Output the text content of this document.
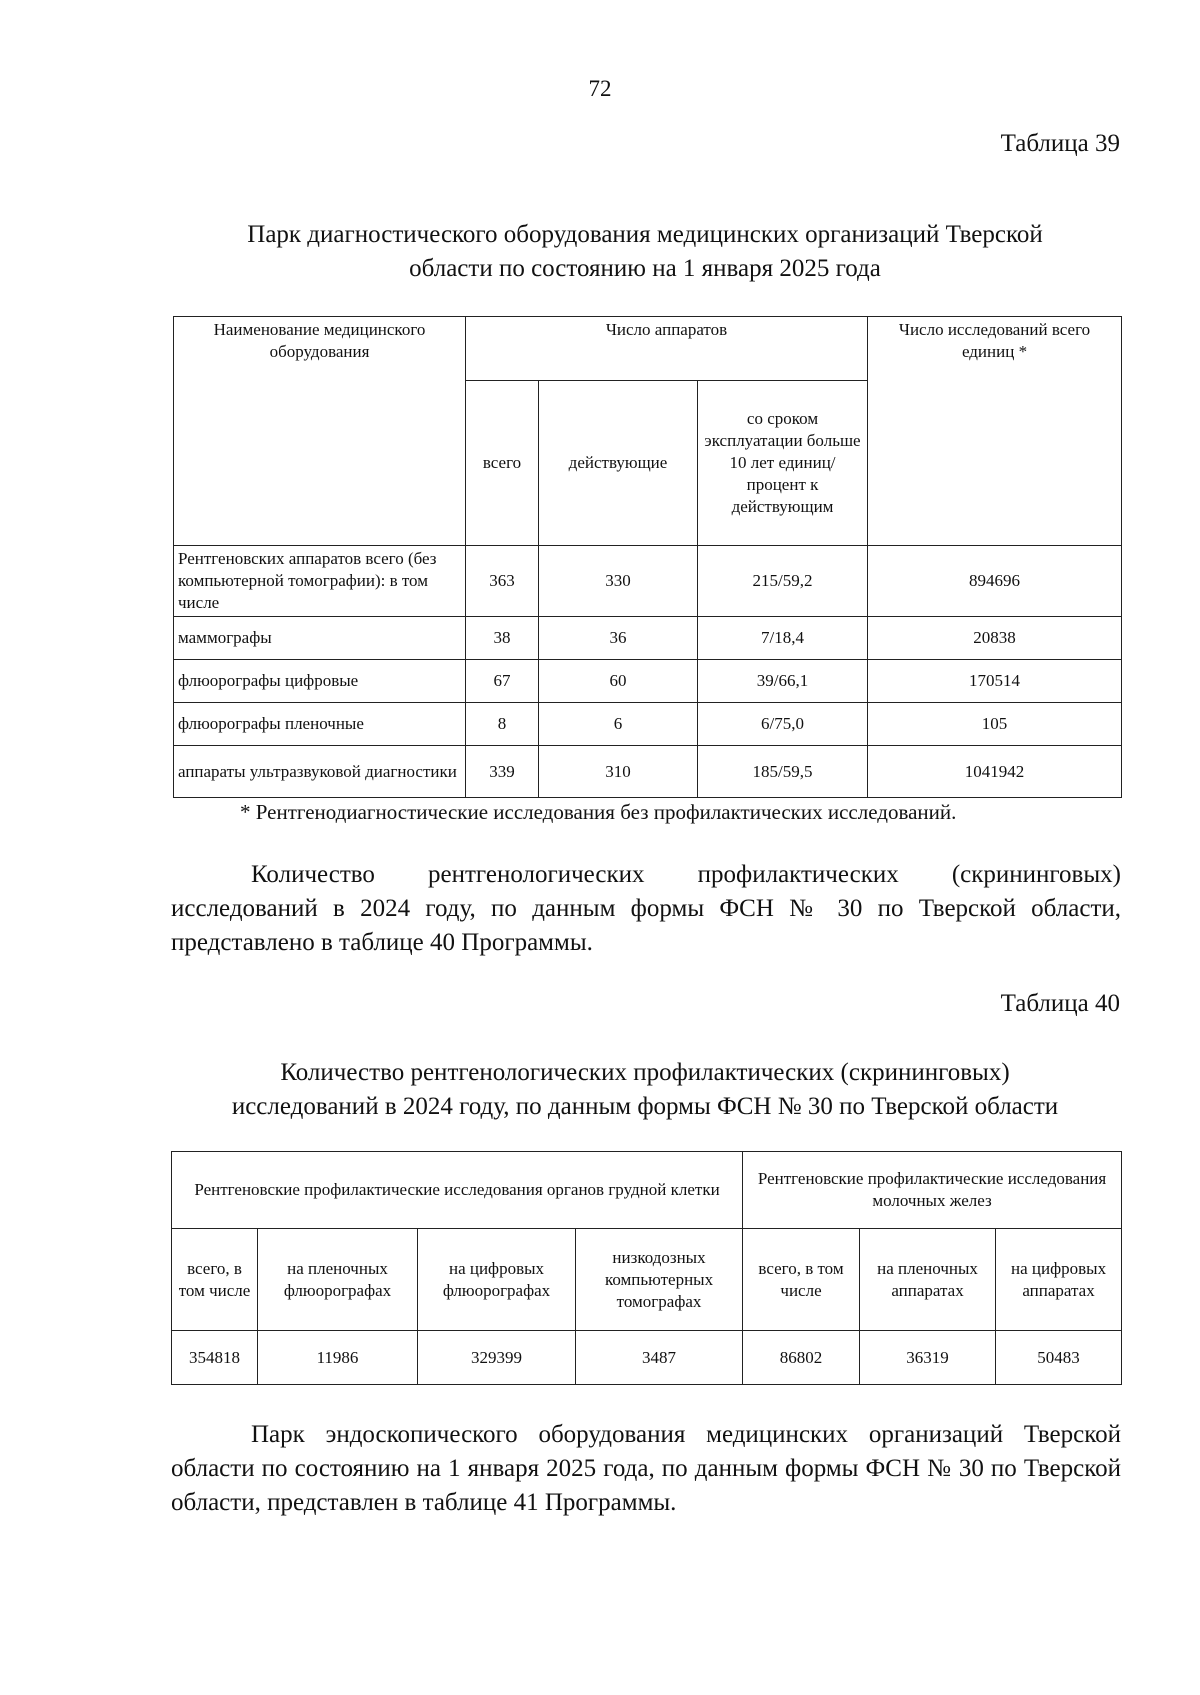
72
Таблица 39
Парк диагностического оборудования медицинских организаций Тверской
области по состоянию на 1 января 2025 года
Наименование медицинского оборудования	Число аппаратов			Число исследований всего единиц *
	всего	действующие	со сроком эксплуатации больше 10 лет единиц/ процент к действующим	
Рентгеновских аппаратов всего (без компьютерной томографии): в том числе	363	330	215/59,2	894696
маммографы	38	36	7/18,4	20838
флюорографы цифровые	67	60	39/66,1	170514
флюорографы пленочные	8	6	6/75,0	105
аппараты ультразвуковой диагностики	339	310	185/59,5	1041942
* Рентгенодиагностические исследования без профилактических исследований.
Количество рентгенологических профилактических (скрининговых) исследований в 2024 году, по данным формы ФСН № 30 по Тверской области, представлено в таблице 40 Программы.
Таблица 40
Количество рентгенологических профилактических (скрининговых)
исследований в 2024 году, по данным формы ФСН № 30 по Тверской области
Рентгеновские профилактические исследования органов грудной клетки				Рентгеновские профилактические исследования молочных желез		
всего, в том числе	на пленочных флюорографах	на цифровых флюорографах	низкодозных компьютерных томографах	всего, в том числе	на пленочных аппаратах	на цифровых аппаратах
354818	11986	329399	3487	86802	36319	50483
Парк эндоскопического оборудования медицинских организаций Тверской области по состоянию на 1 января 2025 года, по данным формы ФСН № 30 по Тверской области, представлен в таблице 41 Программы.
